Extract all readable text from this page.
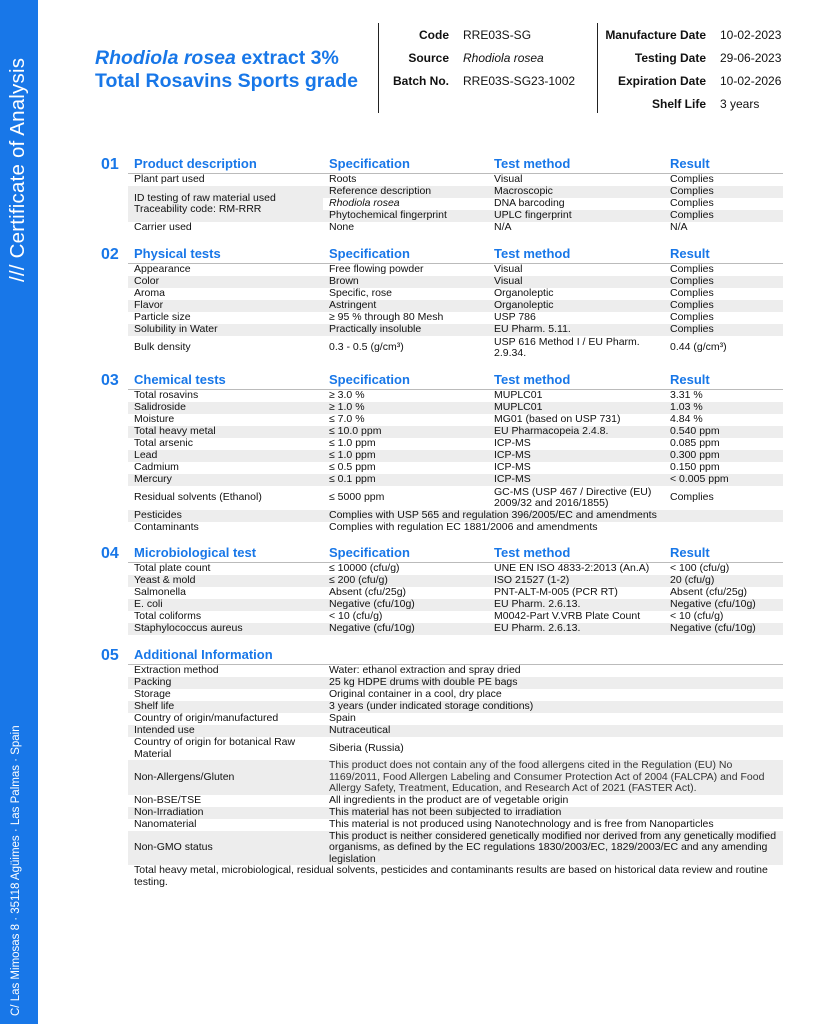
/// Certificate of Analysis
C/ Las Mimosas 8 · 35118 Agüimes · Las Palmas · Spain
Rhodiola rosea extract 3%
Total Rosavins Sports grade
Code	RRE03S-SG
Source	Rhodiola rosea
Batch No.	RRE03S-SG23-1002
Manufacture Date	10-02-2023
Testing Date	29-06-2023
Expiration Date	10-02-2026
Shelf Life	3 years
01 Product description	Specification	Test method	Result
Plant part used	Roots	Visual	Complies
ID testing of raw material used Traceability code: RM-RRR	Reference description	Macroscopic	Complies
	Rhodiola rosea	DNA barcoding	Complies
	Phytochemical fingerprint	UPLC fingerprint	Complies
Carrier used	None	N/A	N/A
02 Physical tests	Specification	Test method	Result
Appearance	Free flowing powder	Visual	Complies
Color	Brown	Visual	Complies
Aroma	Specific, rose	Organoleptic	Complies
Flavor	Astringent	Organoleptic	Complies
Particle size	≥ 95 % through 80 Mesh	USP 786	Complies
Solubility in Water	Practically insoluble	EU Pharm. 5.11.	Complies
Bulk density	0.3 - 0.5 (g/cm³)	USP 616 Method I / EU Pharm. 2.9.34.	0.44 (g/cm³)
03 Chemical tests	Specification	Test method	Result
Total rosavins	≥ 3.0 %	MUPLC01	3.31 %
Salidroside	≥ 1.0 %	MUPLC01	1.03 %
Moisture	≤ 7.0 %	MG01 (based on USP 731)	4.84 %
Total heavy metal	≤ 10.0 ppm	EU Pharmacopeia 2.4.8.	0.540 ppm
Total arsenic	≤ 1.0 ppm	ICP-MS	0.085 ppm
Lead	≤ 1.0 ppm	ICP-MS	0.300 ppm
Cadmium	≤ 0.5 ppm	ICP-MS	0.150 ppm
Mercury	≤ 0.1 ppm	ICP-MS	< 0.005 ppm
Residual solvents (Ethanol)	≤ 5000 ppm	GC-MS (USP 467 / Directive (EU) 2009/32 and 2016/1855)	Complies
Pesticides	Complies with USP 565 and regulation 396/2005/EC and amendments		
Contaminants	Complies with regulation EC 1881/2006 and amendments		
04 Microbiological test	Specification	Test method	Result
Total plate count	≤ 10000 (cfu/g)	UNE EN ISO 4833-2:2013 (An.A)	< 100 (cfu/g)
Yeast & mold	≤ 200 (cfu/g)	ISO 21527 (1-2)	20 (cfu/g)
Salmonella	Absent (cfu/25g)	PNT-ALT-M-005 (PCR RT)	Absent (cfu/25g)
E. coli	Negative (cfu/10g)	EU Pharm. 2.6.13.	Negative (cfu/10g)
Total coliforms	< 10 (cfu/g)	M0042-Part V.VRB Plate Count	< 10 (cfu/g)
Staphylococcus aureus	Negative (cfu/10g)	EU Pharm. 2.6.13.	Negative (cfu/10g)
05 Additional Information
Extraction method	Water: ethanol extraction and spray dried
Packing	25 kg HDPE drums with double PE bags
Storage	Original container in a cool, dry place
Shelf life	3 years (under indicated storage conditions)
Country of origin/manufactured	Spain
Intended use	Nutraceutical
Country of origin for botanical Raw Material	Siberia (Russia)
Non-Allergens/Gluten	This product does not contain any of the food allergens cited in the Regulation (EU) No 1169/2011, Food Allergen Labeling and Consumer Protection Act of 2004 (FALCPA) and Food Allergy Safety, Treatment, Education, and Research Act of 2021 (FASTER Act).
Non-BSE/TSE	All ingredients in the product are of vegetable origin
Non-Irradiation	This material has not been subjected to irradiation
Nanomaterial	This material is not produced using Nanotechnology and is free from Nanoparticles
Non-GMO status	This product is neither considered genetically modified nor derived from any genetically modified organisms, as defined by the EC regulations 1830/2003/EC, 1829/2003/EC and any amending legislation
Total heavy metal, microbiological, residual solvents, pesticides and contaminants results are based on historical data review and routine testing.	
